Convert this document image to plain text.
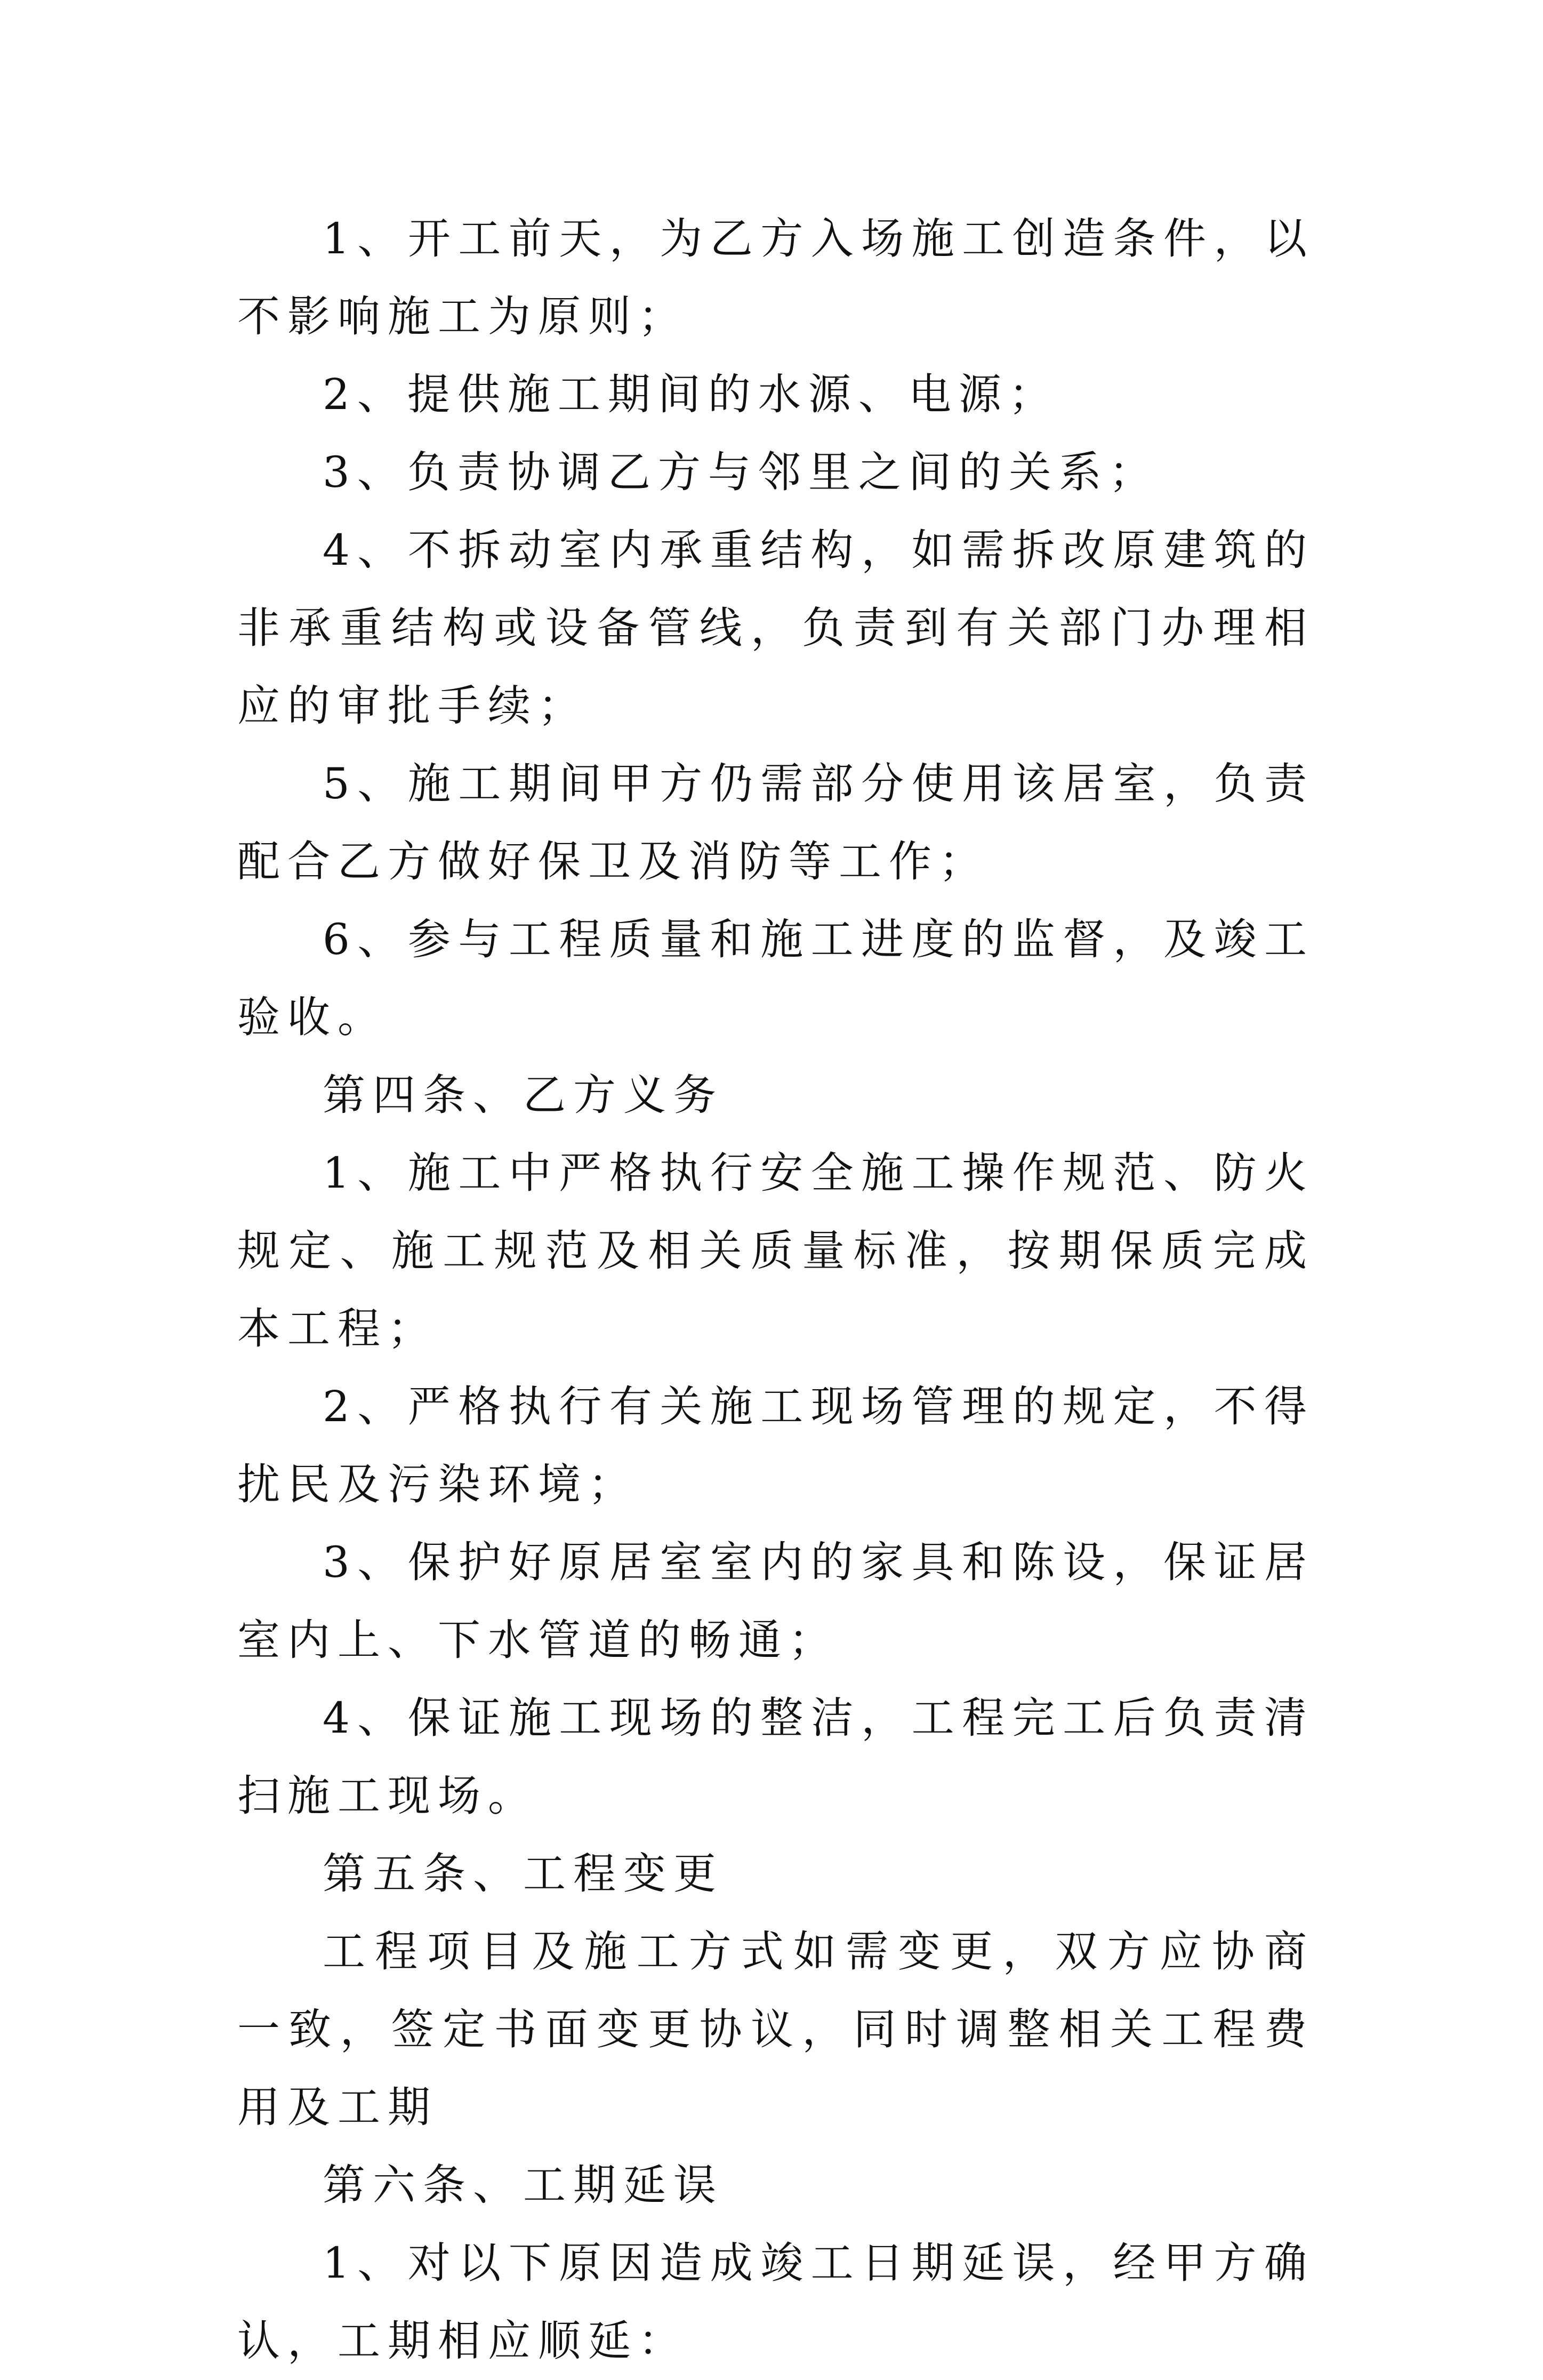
1、开工前天，为乙方入场施工创造条件，以不影响施工为原则；

2、提供施工期间的水源、电源；

3、负责协调乙方与邻里之间的关系；

4、不拆动室内承重结构，如需拆改原建筑的非承重结构或设备管线，负责到有关部门办理相应的审批手续；

5、施工期间甲方仍需部分使用该居室，负责配合乙方做好保卫及消防等工作；

6、参与工程质量和施工进度的监督，及竣工验收。

第四条、乙方义务

1、施工中严格执行安全施工操作规范、防火规定、施工规范及相关质量标准，按期保质完成本工程；

2、严格执行有关施工现场管理的规定，不得扰民及污染环境；

3、保护好原居室室内的家具和陈设，保证居室内上、下水管道的畅通；

4、保证施工现场的整洁，工程完工后负责清扫施工现场。

第五条、工程变更

工程项目及施工方式如需变更，双方应协商一致，签定书面变更协议，同时调整相关工程费用及工期

第六条、工期延误

1、对以下原因造成竣工日期延误，经甲方确认，工期相应顺延：
